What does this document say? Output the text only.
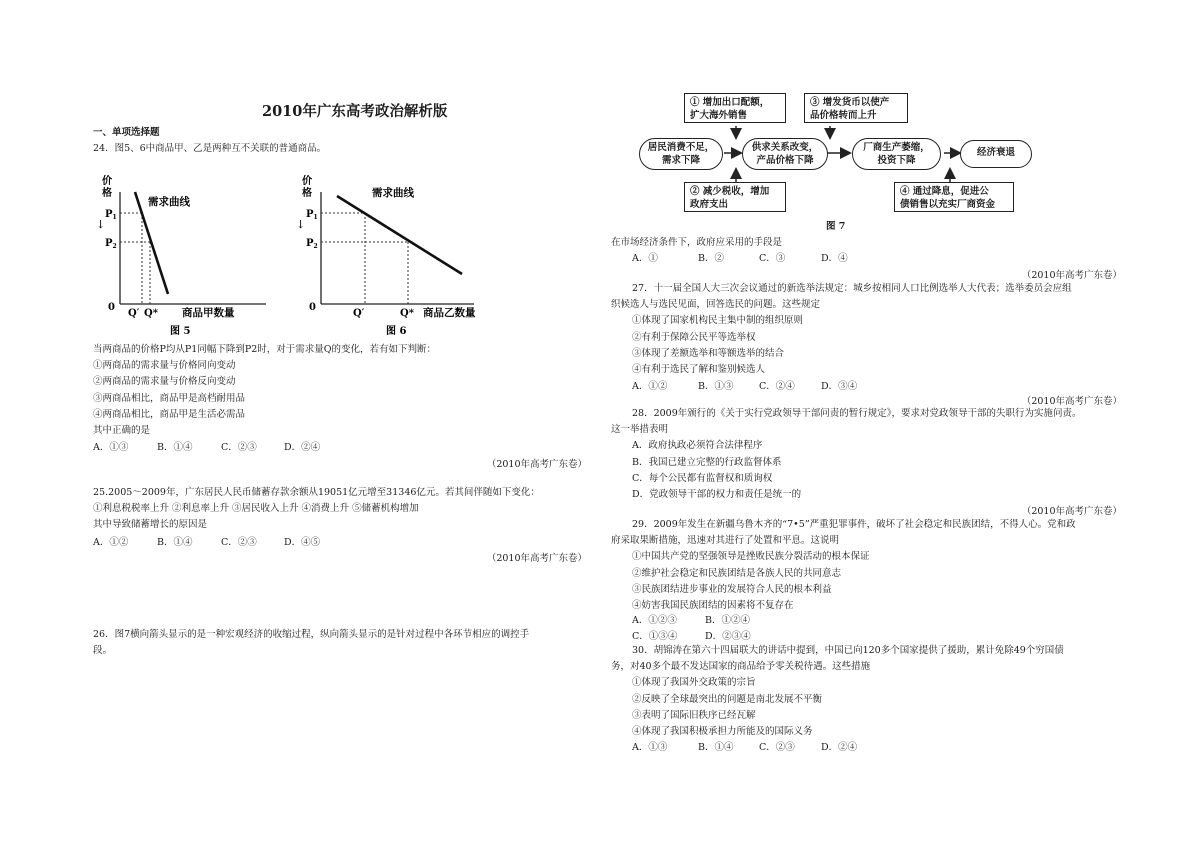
2010年广东高考政治解析版
一、单项选择题
24．图5、6中商品甲、乙是两种互不关联的普通商品。
价
格
$P_1$
↓
$P_2$
需求曲线
0
Q′ Q* 商品甲数量
图 5
价
格
$P_1$
↓
$P_2$
需求曲线
0
Q′	Q* 商品乙数量
图 6
当两商品的价格P均从P1同幅下降到P2时，对于需求量Q的变化，若有如下判断：
①两商品的需求量与价格同向变动
②两商品的需求量与价格反向变动
③两商品相比，商品甲是高档耐用品
④两商品相比，商品甲是生活必需品
其中正确的是
A．①③	B．①④	C．②③	D．②④
（2010年高考广东卷）
25.2005～2009年，广东居民人民币储蓄存款余额从19051亿元增至31346亿元。若其间伴随如下变化：
①利息税税率上升 ②利息率上升 ③居民收入上升 ④消费上升 ⑤储蓄机构增加
其中导致储蓄增长的原因是
A．①②	B．①④	C．②③	D．④⑤
（2010年高考广东卷）
26．图7横向箭头显示的是一种宏观经济的收缩过程，纵向箭头显示的是针对过程中各环节相应的调控手
段。
① 增加出口配额，
扩大海外销售
③ 增发货币以使产
品价格转而上升
居民消费不足，
需求下降
供求关系改变，
产品价格下降
厂商生产萎缩，
投资下降
经济衰退
② 减少税收，增加
政府支出
④ 通过降息，促进公
债销售以充实厂商资金
图 7
在市场经济条件下，政府应采用的手段是
A．①	B．②	C．③	D．④
（2010年高考广东卷）
27．十一届全国人大三次会议通过的新选举法规定：城乡按相同人口比例选举人大代表；选举委员会应组
织候选人与选民见面，回答选民的问题。这些规定
①体现了国家机构民主集中制的组织原则
②有利于保障公民平等选举权
③体现了差额选举和等额选举的结合
④有利于选民了解和鉴别候选人
A．①②	B．①③	C．②④	D．③④
（2010年高考广东卷）
28．2009年颁行的《关于实行党政领导干部问责的暂行规定》，要求对党政领导干部的失职行为实施问责。
这一举措表明
A．政府执政必须符合法律程序
B．我国已建立完整的行政监督体系
C．每个公民都有监督权和质询权
D．党政领导干部的权力和责任是统一的
（2010年高考广东卷）
29．2009年发生在新疆乌鲁木齐的“7•5”严重犯罪事件，破坏了社会稳定和民族团结，不得人心。党和政
府采取果断措施，迅速对其进行了处置和平息。这说明
①中国共产党的坚强领导是挫败民族分裂活动的根本保证
②维护社会稳定和民族团结是各族人民的共同意志
③民族团结进步事业的发展符合人民的根本利益
④妨害我国民族团结的因素将不复存在
A．①②③	B．①②④
C．①③④	D．②③④
30．胡锦涛在第六十四届联大的讲话中提到，中国已向120多个国家提供了援助，累计免除49个穷国债
务，对40多个最不发达国家的商品给予零关税待遇。这些措施
①体现了我国外交政策的宗旨
②反映了全球最突出的问题是南北发展不平衡
③表明了国际旧秩序已经瓦解
④体现了我国积极承担力所能及的国际义务
A．①③	B．①④	C．②③	D．②④
